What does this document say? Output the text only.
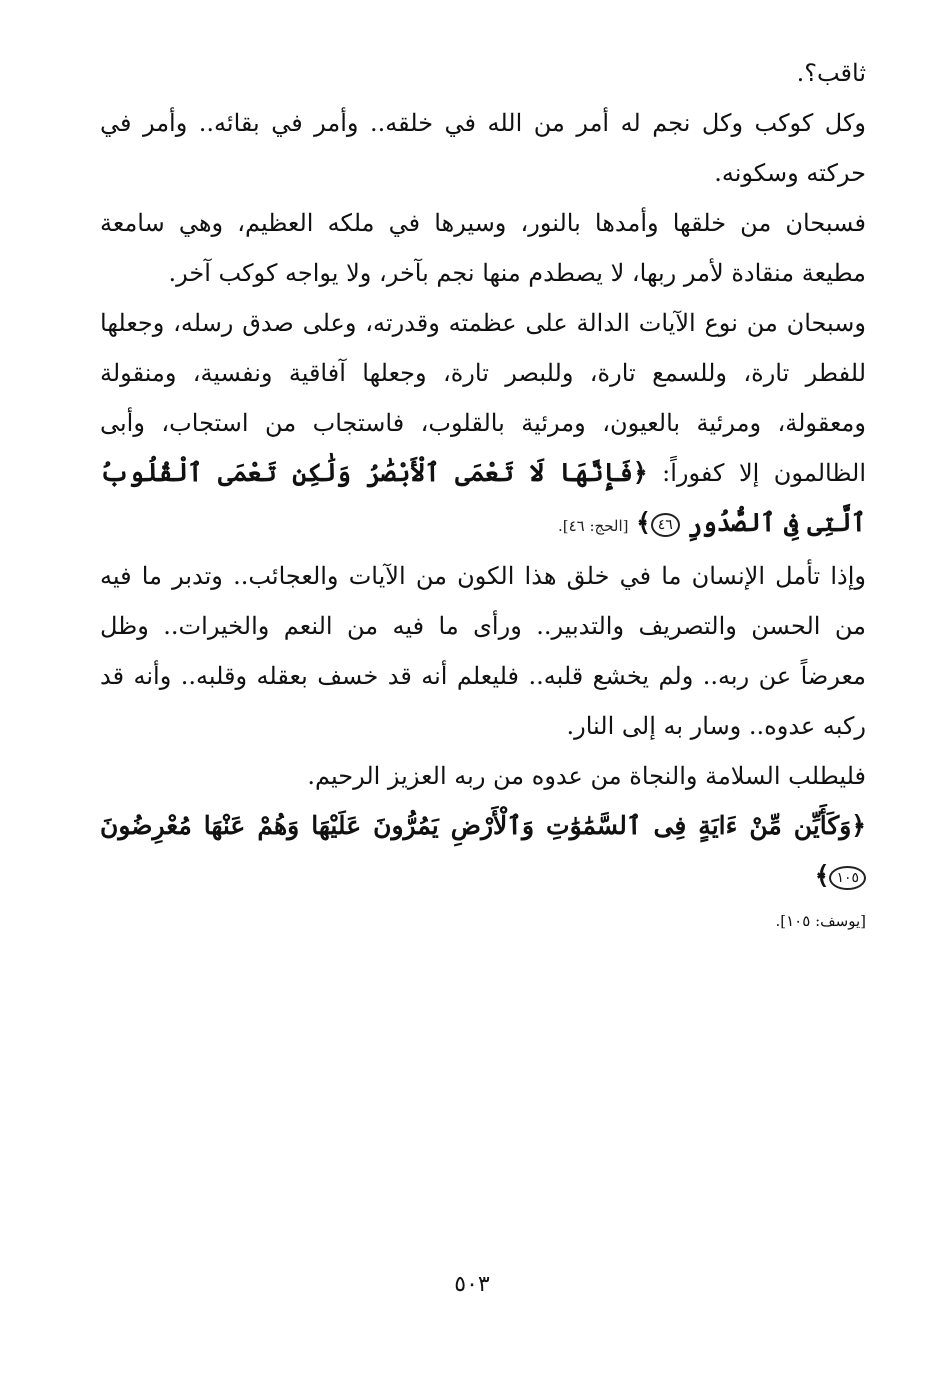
ثاقب؟.

وكل كوكب وكل نجم له أمر من الله في خلقه.. وأمر في بقائه.. وأمر في حركته وسكونه.

فسبحان من خلقها وأمدها بالنور، وسيرها في ملكه العظيم، وهي سامعة مطيعة منقادة لأمر ربها، لا يصطدم منها نجم بآخر، ولا يواجه كوكب آخر.

وسبحان من نوع الآيات الدالة على عظمته وقدرته، وعلى صدق رسله، وجعلها للفطر تارة، وللسمع تارة، وللبصر تارة، وجعلها آفاقية ونفسية، ومنقولة ومعقولة، ومرئية بالعيون، ومرئية بالقلوب، فاستجاب من استجاب، وأبى الظالمون إلا كفوراً: ﴿فَإِنَّهَا لَا تَعْمَى ٱلْأَبْصَٰرُ وَلَٰكِن تَعْمَى ٱلْقُلُوبُ ٱلَّتِى فِى ٱلصُّدُورِ ٤٦﴾ [الحج: ٤٦].

وإذا تأمل الإنسان ما في خلق هذا الكون من الآيات والعجائب.. وتدبر ما فيه من الحسن والتصريف والتدبير.. ورأى ما فيه من النعم والخيرات.. وظل معرضاً عن ربه.. ولم يخشع قلبه.. فليعلم أنه قد خسف بعقله وقلبه.. وأنه قد ركبه عدوه.. وسار به إلى النار.

فليطلب السلامة والنجاة من عدوه من ربه العزيز الرحيم.

﴿وَكَأَيِّن مِّنْ ءَايَةٍ فِى ٱلسَّمَٰوَٰتِ وَٱلْأَرْضِ يَمُرُّونَ عَلَيْهَا وَهُمْ عَنْهَا مُعْرِضُونَ ١٠٥﴾

[يوسف: ١٠٥].

٥٠٣
